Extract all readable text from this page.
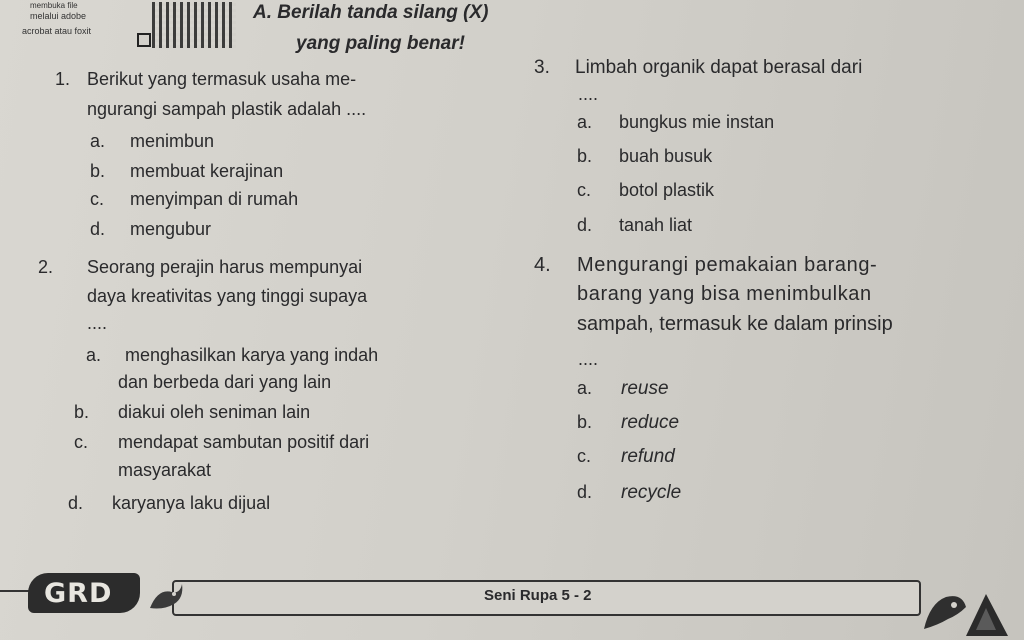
membuka file
melalui adobe
acrobat atau foxit
A. Berilah tanda silang (X)
yang paling benar!
1. Berikut yang termasuk usaha me-
ngurangi sampah plastik adalah ....
a. menimbun
b. membuat kerajinan
c. menyimpan di rumah
d. mengubur
2. Seorang perajin harus mempunyai
daya kreativitas yang tinggi supaya
....
a. menghasilkan karya yang indah
dan berbeda dari yang lain
b. diakui oleh seniman lain
c. mendapat sambutan positif dari
masyarakat
d. karyanya laku dijual
3. Limbah organik dapat berasal dari
....
a. bungkus mie instan
b. buah busuk
c. botol plastik
d. tanah liat
4. Mengurangi pemakaian barang-
barang yang bisa menimbulkan
sampah, termasuk ke dalam prinsip
....
a. reuse
b. reduce
c. refund
d. recycle
GRD	Seni Rupa 5 - 2
